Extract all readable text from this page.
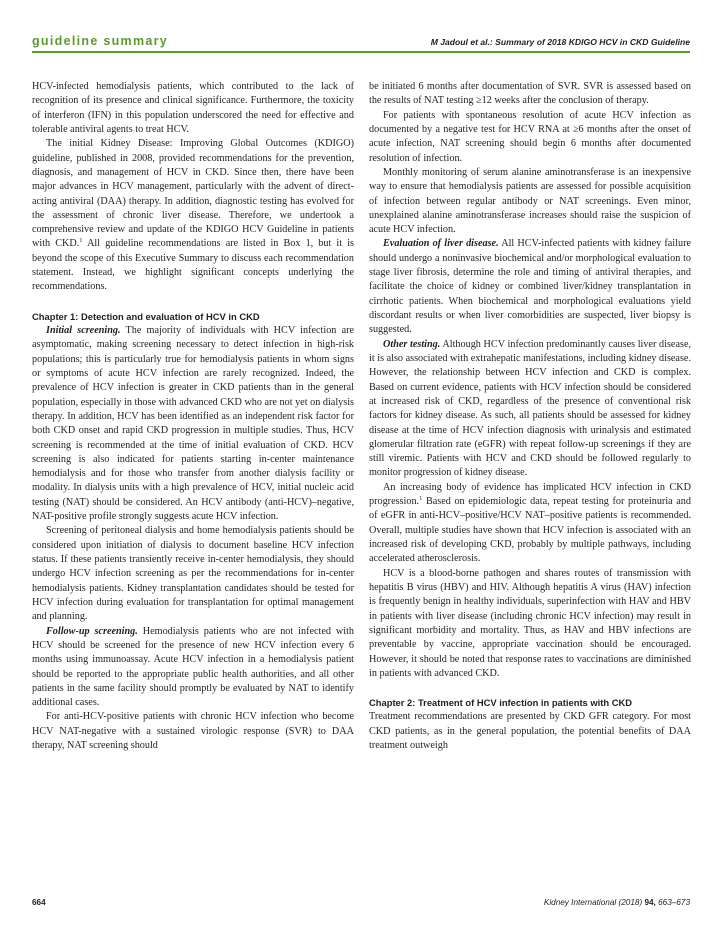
guideline summary	M Jadoul et al.: Summary of 2018 KDIGO HCV in CKD Guideline

HCV-infected hemodialysis patients, which contributed to the lack of recognition of its presence and clinical significance. Furthermore, the toxicity of interferon (IFN) in this population underscored the need for effective and tolerable antiviral agents to treat HCV.

The initial Kidney Disease: Improving Global Outcomes (KDIGO) guideline, published in 2008, provided recommendations for the prevention, diagnosis, and management of HCV in CKD. Since then, there have been major advances in HCV management, particularly with the advent of direct-acting antiviral (DAA) therapy. In addition, diagnostic testing has evolved for the assessment of chronic liver disease. Therefore, we undertook a comprehensive review and update of the KDIGO HCV Guideline in patients with CKD.$^1$ All guideline recommendations are listed in Box 1, but it is beyond the scope of this Executive Summary to discuss each recommendation statement. Instead, we highlight significant concepts underlying the recommendations.

Chapter 1: Detection and evaluation of HCV in CKD

Initial screening. The majority of individuals with HCV infection are asymptomatic, making screening necessary to detect infection in high-risk populations; this is particularly true for hemodialysis patients in whom signs or symptoms of acute HCV infection are rarely recognized. Indeed, the prevalence of HCV infection is greater in CKD patients than in the general population, especially in those with advanced CKD who are not yet on dialysis therapy. In addition, HCV has been identified as an independent risk factor for both CKD onset and rapid CKD progression in multiple studies. Thus, HCV screening is recommended at the time of initial evaluation of CKD. HCV screening is also indicated for patients starting in-center maintenance hemodialysis and for those who transfer from another dialysis facility or modality. In dialysis units with a high prevalence of HCV, initial nucleic acid testing (NAT) should be considered. An HCV antibody (anti-HCV)–negative, NAT-positive profile strongly suggests acute HCV infection.

Screening of peritoneal dialysis and home hemodialysis patients should be considered upon initiation of dialysis to document baseline HCV infection status. If these patients transiently receive in-center hemodialysis, they should undergo HCV infection screening as per the recommendations for in-center hemodialysis patients. Kidney transplantation candidates should be tested for HCV infection during evaluation for transplantation for optimal management and planning.

Follow-up screening. Hemodialysis patients who are not infected with HCV should be screened for the presence of new HCV infection every 6 months using immunoassay. Acute HCV infection in a hemodialysis patient should be reported to the appropriate public health authorities, and all other patients in the same facility should promptly be evaluated by NAT to identify additional cases.

For anti-HCV-positive patients with chronic HCV infection who become HCV NAT-negative with a sustained virologic response (SVR) to DAA therapy, NAT screening should

be initiated 6 months after documentation of SVR. SVR is assessed based on the results of NAT testing ≥12 weeks after the conclusion of therapy.

For patients with spontaneous resolution of acute HCV infection as documented by a negative test for HCV RNA at ≥6 months after the onset of acute infection, NAT screening should begin 6 months after documented resolution of infection.

Monthly monitoring of serum alanine aminotransferase is an inexpensive way to ensure that hemodialysis patients are assessed for possible acquisition of infection between regular antibody or NAT screenings. Even minor, unexplained alanine aminotransferase increases should raise the suspicion of acute HCV infection.

Evaluation of liver disease. All HCV-infected patients with kidney failure should undergo a noninvasive biochemical and/or morphological evaluation to stage liver fibrosis, determine the role and timing of antiviral therapies, and facilitate the choice of kidney or combined liver/kidney transplantation in cirrhotic patients. When biochemical and morphological evaluations yield discordant results or when liver comorbidities are suspected, liver biopsy is suggested.

Other testing. Although HCV infection predominantly causes liver disease, it is also associated with extrahepatic manifestations, including kidney disease. However, the relationship between HCV infection and CKD is complex. Based on current evidence, patients with HCV infection should be considered at increased risk of CKD, regardless of the presence of conventional risk factors for kidney disease. As such, all patients should be assessed for kidney disease at the time of HCV infection diagnosis with urinalysis and estimated glomerular filtration rate (eGFR) with repeat follow-up screenings if they are still viremic. Patients with HCV and CKD should be followed regularly to monitor progression of kidney disease.

An increasing body of evidence has implicated HCV infection in CKD progression.$^1$ Based on epidemiologic data, repeat testing for proteinuria and of eGFR in anti-HCV–positive/HCV NAT–positive patients is recommended. Overall, multiple studies have shown that HCV infection is associated with an increased risk of developing CKD, probably by multiple pathways, including accelerated atherosclerosis.

HCV is a blood-borne pathogen and shares routes of transmission with hepatitis B virus (HBV) and HIV. Although hepatitis A virus (HAV) infection is frequently benign in healthy individuals, superinfection with HAV and HBV in patients with liver disease (including chronic HCV infection) may result in significant morbidity and mortality. Thus, as HAV and HBV infections are preventable by vaccine, appropriate vaccination should be encouraged. However, it should be noted that response rates to vaccinations are diminished in patients with advanced CKD.

Chapter 2: Treatment of HCV infection in patients with CKD

Treatment recommendations are presented by CKD GFR category. For most CKD patients, as in the general population, the potential benefits of DAA treatment outweigh

664	Kidney International (2018) 94, 663–673
